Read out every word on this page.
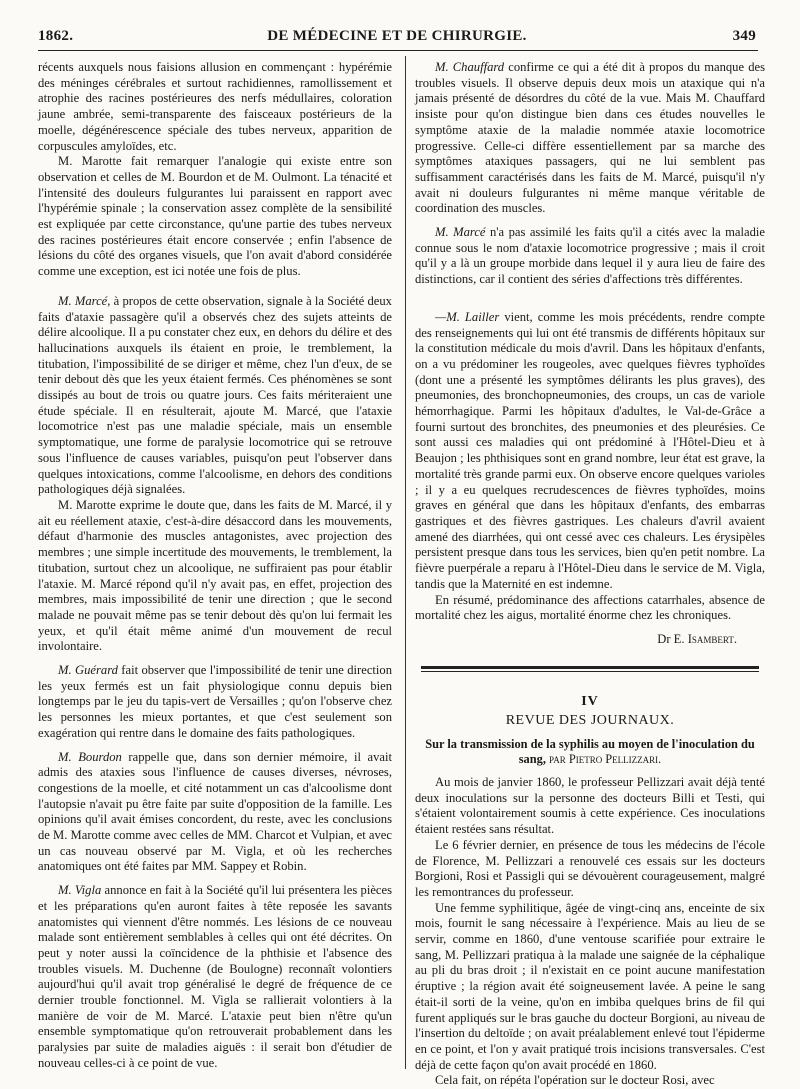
1862.	DE MÉDECINE ET DE CHIRURGIE.	349

récents auxquels nous faisions allusion en commençant : hypérémie des méninges cérébrales et surtout rachidiennes, ramollissement et atrophie des racines postérieures des nerfs médullaires, coloration jaune ambrée, semi-transparente des faisceaux postérieurs de la moelle, dégénérescence spéciale des tubes nerveux, apparition de corpuscules amyloïdes, etc.

M. Marotte fait remarquer l'analogie qui existe entre son observation et celles de M. Bourdon et de M. Oulmont. La ténacité et l'intensité des douleurs fulgurantes lui paraissent en rapport avec l'hypérémie spinale ; la conservation assez complète de la sensibilité est expliquée par cette circonstance, qu'une partie des tubes nerveux des racines postérieures était encore conservée ; enfin l'absence de lésions du côté des organes visuels, que l'on avait d'abord considérée comme une exception, est ici notée une fois de plus.

M. Marcé, à propos de cette observation, signale à la Société deux faits d'ataxie passagère qu'il a observés chez des sujets atteints de délire alcoolique. Il a pu constater chez eux, en dehors du délire et des hallucinations auxquels ils étaient en proie, le tremblement, la titubation, l'impossibilité de se diriger et même, chez l'un d'eux, de se tenir debout dès que les yeux étaient fermés. Ces phénomènes se sont dissipés au bout de trois ou quatre jours. Ces faits mériteraient une étude spéciale. Il en résulterait, ajoute M. Marcé, que l'ataxie locomotrice n'est pas une maladie spéciale, mais un ensemble symptomatique, une forme de paralysie locomotrice qui se retrouve sous l'influence de causes variables, puisqu'on peut l'observer dans quelques intoxications, comme l'alcoolisme, en dehors des conditions pathologiques déjà signalées.

M. Marotte exprime le doute que, dans les faits de M. Marcé, il y ait eu réellement ataxie, c'est-à-dire désaccord dans les mouvements, défaut d'harmonie des muscles antagonistes, avec projection des membres ; une simple incertitude des mouvements, le tremblement, la titubation, surtout chez un alcoolique, ne suffiraient pas pour établir l'ataxie. M. Marcé répond qu'il n'y avait pas, en effet, projection des membres, mais impossibilité de tenir une direction ; que le second malade ne pouvait même pas se tenir debout dès qu'on lui fermait les yeux, et qu'il était même animé d'un mouvement de recul involontaire.

M. Guérard fait observer que l'impossibilité de tenir une direction les yeux fermés est un fait physiologique connu depuis bien longtemps par le jeu du tapis-vert de Versailles ; qu'on l'observe chez les personnes les mieux portantes, et que c'est seulement son exagération qui rentre dans le domaine des faits pathologiques.

M. Bourdon rappelle que, dans son dernier mémoire, il avait admis des ataxies sous l'influence de causes diverses, névroses, congestions de la moelle, et cité notamment un cas d'alcoolisme dont l'autopsie n'avait pu être faite par suite d'opposition de la famille. Les opinions qu'il avait émises concordent, du reste, avec les conclusions de M. Marotte comme avec celles de MM. Charcot et Vulpian, et avec un cas nouveau observé par M. Vigla, et où les recherches anatomiques ont été faites par MM. Sappey et Robin.

M. Vigla annonce en fait à la Société qu'il lui présentera les pièces et les préparations qu'en auront faites à tête reposée les savants anatomistes qui viennent d'être nommés. Les lésions de ce nouveau malade sont entièrement semblables à celles qui ont été décrites. On peut y noter aussi la coïncidence de la phthisie et l'absence des troubles visuels. M. Duchenne (de Boulogne) reconnaît volontiers aujourd'hui qu'il avait trop généralisé le degré de fréquence de ce dernier trouble fonctionnel. M. Vigla se rallierait volontiers à la manière de voir de M. Marcé. L'ataxie peut bien n'être qu'un ensemble symptomatique qu'on retrouverait probablement dans les paralysies par suite de maladies aiguës : il serait bon d'étudier de nouveau celles-ci à ce point de vue.

M. Chauffard confirme ce qui a été dit à propos du manque des troubles visuels. Il observe depuis deux mois un ataxique qui n'a jamais présenté de désordres du côté de la vue. Mais M. Chauffard insiste pour qu'on distingue bien dans ces études nouvelles le symptôme ataxie de la maladie nommée ataxie locomotrice progressive. Celle-ci diffère essentiellement par sa marche des symptômes ataxiques passagers, qui ne lui semblent pas suffisamment caractérisés dans les faits de M. Marcé, puisqu'il n'y avait ni douleurs fulgurantes ni même manque véritable de coordination des muscles.

M. Marcé n'a pas assimilé les faits qu'il a cités avec la maladie connue sous le nom d'ataxie locomotrice progressive ; mais il croit qu'il y a là un groupe morbide dans lequel il y aura lieu de faire des distinctions, car il contient des séries d'affections très différentes.

—M. Lailler vient, comme les mois précédents, rendre compte des renseignements qui lui ont été transmis de différents hôpitaux sur la constitution médicale du mois d'avril. Dans les hôpitaux d'enfants, on a vu prédominer les rougeoles, avec quelques fièvres typhoïdes (dont une a présenté les symptômes délirants les plus graves), des pneumonies, des bronchopneumonies, des croups, un cas de variole hémorrhagique. Parmi les hôpitaux d'adultes, le Val-de-Grâce a fourni surtout des bronchites, des pneumonies et des pleurésies. Ce sont aussi ces maladies qui ont prédominé à l'Hôtel-Dieu et à Beaujon ; les phthisiques sont en grand nombre, leur état est grave, la mortalité très grande parmi eux. On observe encore quelques varioles ; il y a eu quelques recrudescences de fièvres typhoïdes, moins graves en général que dans les hôpitaux d'enfants, des embarras gastriques et des fièvres gastriques. Les chaleurs d'avril avaient amené des diarrhées, qui ont cessé avec ces chaleurs. Les érysipèles persistent presque dans tous les services, bien qu'en petit nombre. La fièvre puerpérale a reparu à l'Hôtel-Dieu dans le service de M. Vigla, tandis que la Maternité en est indemne.

En résumé, prédominance des affections catarrhales, absence de mortalité chez les aigus, mortalité énorme chez les chroniques.

Dr E. Isambert.
IV
REVUE DES JOURNAUX.
Sur la transmission de la syphilis au moyen de l'inoculation du sang, par Pietro Pellizzari.

Au mois de janvier 1860, le professeur Pellizzari avait déjà tenté deux inoculations sur la personne des docteurs Billi et Testi, qui s'étaient volontairement soumis à cette expérience. Ces inoculations étaient restées sans résultat.

Le 6 février dernier, en présence de tous les médecins de l'école de Florence, M. Pellizzari a renouvelé ces essais sur les docteurs Borgioni, Rosi et Passigli qui se dévouèrent courageusement, malgré les remontrances du professeur.

Une femme syphilitique, âgée de vingt-cinq ans, enceinte de six mois, fournit le sang nécessaire à l'expérience. Mais au lieu de se servir, comme en 1860, d'une ventouse scarifiée pour extraire le sang, M. Pellizzari pratiqua à la malade une saignée de la céphalique au pli du bras droit ; il n'existait en ce point aucune manifestation éruptive ; la région avait été soigneusement lavée. A peine le sang était-il sorti de la veine, qu'on en imbiba quelques brins de fil qui furent appliqués sur le bras gauche du docteur Borgioni, au niveau de l'insertion du deltoïde ; on avait préalablement enlevé tout l'épiderme en ce point, et l'on y avait pratiqué trois incisions transversales. C'est déjà de cette façon qu'on avait procédé en 1860.

Cela fait, on répéta l'opération sur le docteur Rosi, avec
